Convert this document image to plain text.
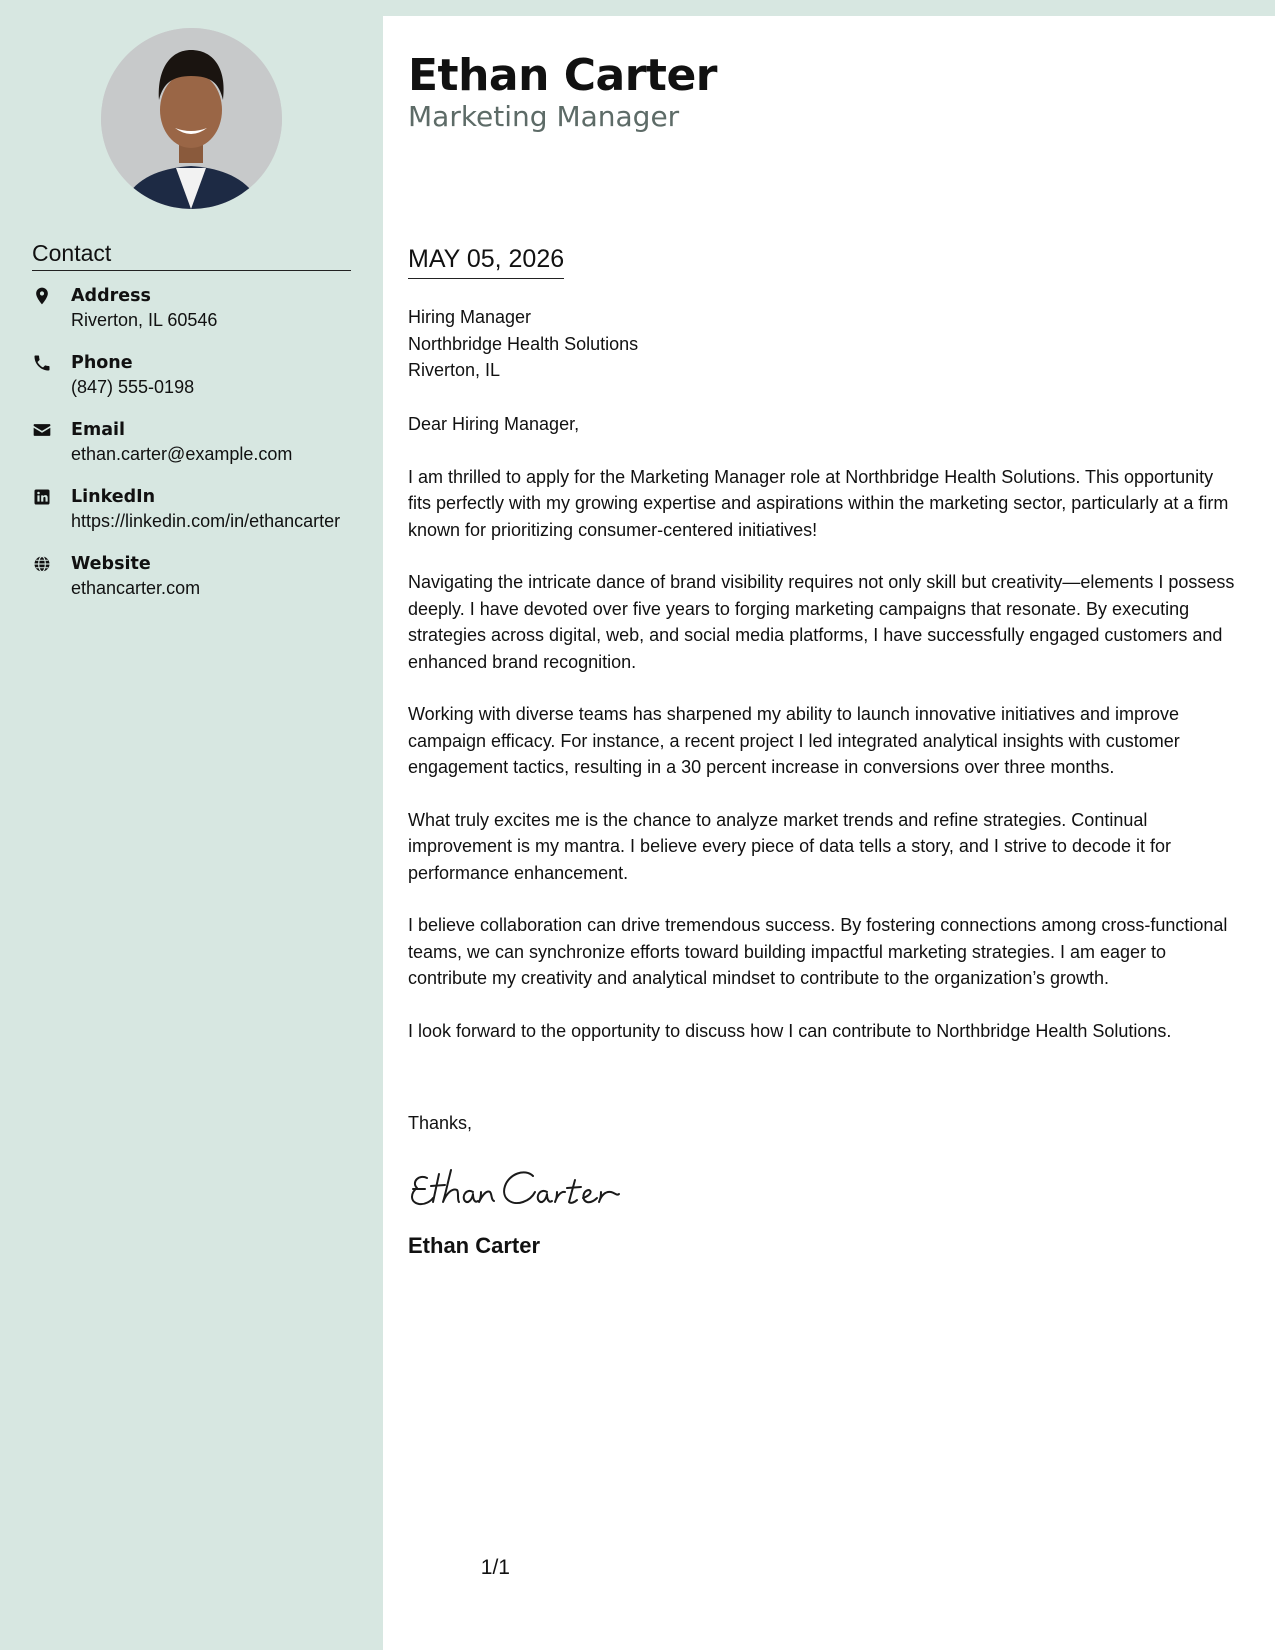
Contact
Address
Riverton, IL 60546
Phone
(847) 555-0198
Email
ethan.carter@example.com
LinkedIn
https://linkedin.com/in/ethancarter
Website
ethancarter.com
Ethan Carter
Marketing Manager
MAY 05, 2026
Hiring Manager
Northbridge Health Solutions
Riverton, IL

Dear Hiring Manager,

I am thrilled to apply for the Marketing Manager role at Northbridge Health Solutions. This opportunity fits perfectly with my growing expertise and aspirations within the marketing sector, particularly at a firm known for prioritizing consumer-centered initiatives!

Navigating the intricate dance of brand visibility requires not only skill but creativity—elements I possess deeply. I have devoted over five years to forging marketing campaigns that resonate. By executing strategies across digital, web, and social media platforms, I have successfully engaged customers and enhanced brand recognition.

Working with diverse teams has sharpened my ability to launch innovative initiatives and improve campaign efficacy. For instance, a recent project I led integrated analytical insights with customer engagement tactics, resulting in a 30 percent increase in conversions over three months.

What truly excites me is the chance to analyze market trends and refine strategies. Continual improvement is my mantra. I believe every piece of data tells a story, and I strive to decode it for performance enhancement.

I believe collaboration can drive tremendous success. By fostering connections among cross-functional teams, we can synchronize efforts toward building impactful marketing strategies. I am eager to contribute my creativity and analytical mindset to contribute to the organization’s growth.

I look forward to the opportunity to discuss how I can contribute to Northbridge Health Solutions.

Thanks,
Ethan Carter
1/1
